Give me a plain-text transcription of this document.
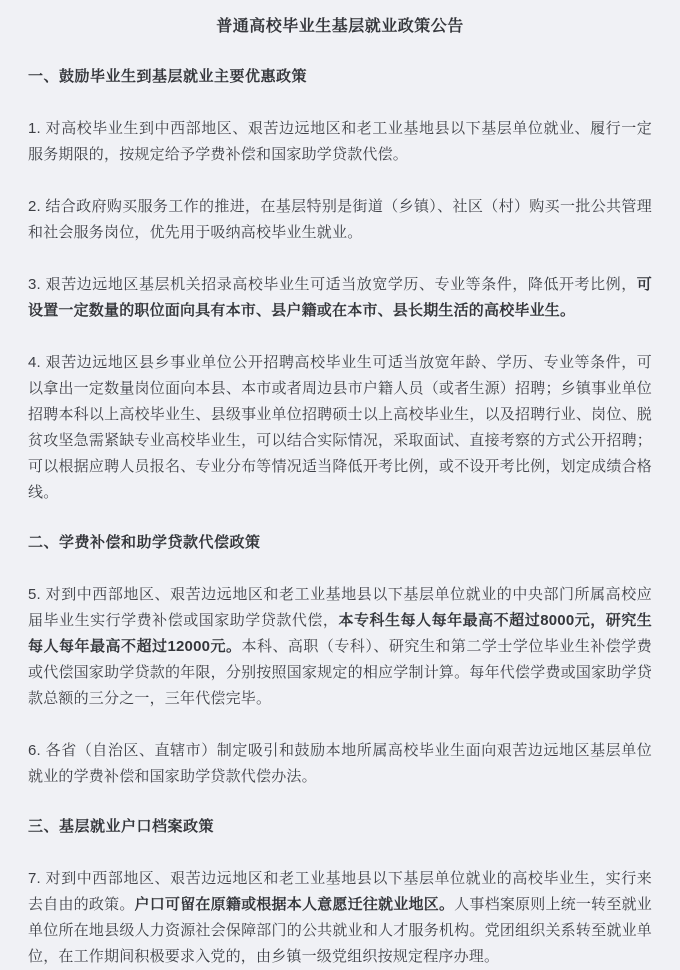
普通高校毕业生基层就业政策公告
一、鼓励毕业生到基层就业主要优惠政策

1. 对高校毕业生到中西部地区、艰苦边远地区和老工业基地县以下基层单位就业、履行一定服务期限的，按规定给予学费补偿和国家助学贷款代偿。

2. 结合政府购买服务工作的推进，在基层特别是街道（乡镇）、社区（村）购买一批公共管理和社会服务岗位，优先用于吸纳高校毕业生就业。

3. 艰苦边远地区基层机关招录高校毕业生可适当放宽学历、专业等条件，降低开考比例，可设置一定数量的职位面向具有本市、县户籍或在本市、县长期生活的高校毕业生。

4. 艰苦边远地区县乡事业单位公开招聘高校毕业生可适当放宽年龄、学历、专业等条件，可以拿出一定数量岗位面向本县、本市或者周边县市户籍人员（或者生源）招聘；乡镇事业单位招聘本科以上高校毕业生、县级事业单位招聘硕士以上高校毕业生，以及招聘行业、岗位、脱贫攻坚急需紧缺专业高校毕业生，可以结合实际情况，采取面试、直接考察的方式公开招聘；可以根据应聘人员报名、专业分布等情况适当降低开考比例，或不设开考比例，划定成绩合格线。

二、学费补偿和助学贷款代偿政策

5. 对到中西部地区、艰苦边远地区和老工业基地县以下基层单位就业的中央部门所属高校应届毕业生实行学费补偿或国家助学贷款代偿，本专科生每人每年最高不超过8000元，研究生每人每年最高不超过12000元。本科、高职（专科）、研究生和第二学士学位毕业生补偿学费或代偿国家助学贷款的年限，分别按照国家规定的相应学制计算。每年代偿学费或国家助学贷款总额的三分之一，三年代偿完毕。

6. 各省（自治区、直辖市）制定吸引和鼓励本地所属高校毕业生面向艰苦边远地区基层单位就业的学费补偿和国家助学贷款代偿办法。

三、基层就业户口档案政策

7. 对到中西部地区、艰苦边远地区和老工业基地县以下基层单位就业的高校毕业生，实行来去自由的政策。户口可留在原籍或根据本人意愿迁往就业地区。人事档案原则上统一转至就业单位所在地县级人力资源社会保障部门的公共就业和人才服务机构。党团组织关系转至就业单位，在工作期间积极要求入党的，由乡镇一级党组织按规定程序办理。
